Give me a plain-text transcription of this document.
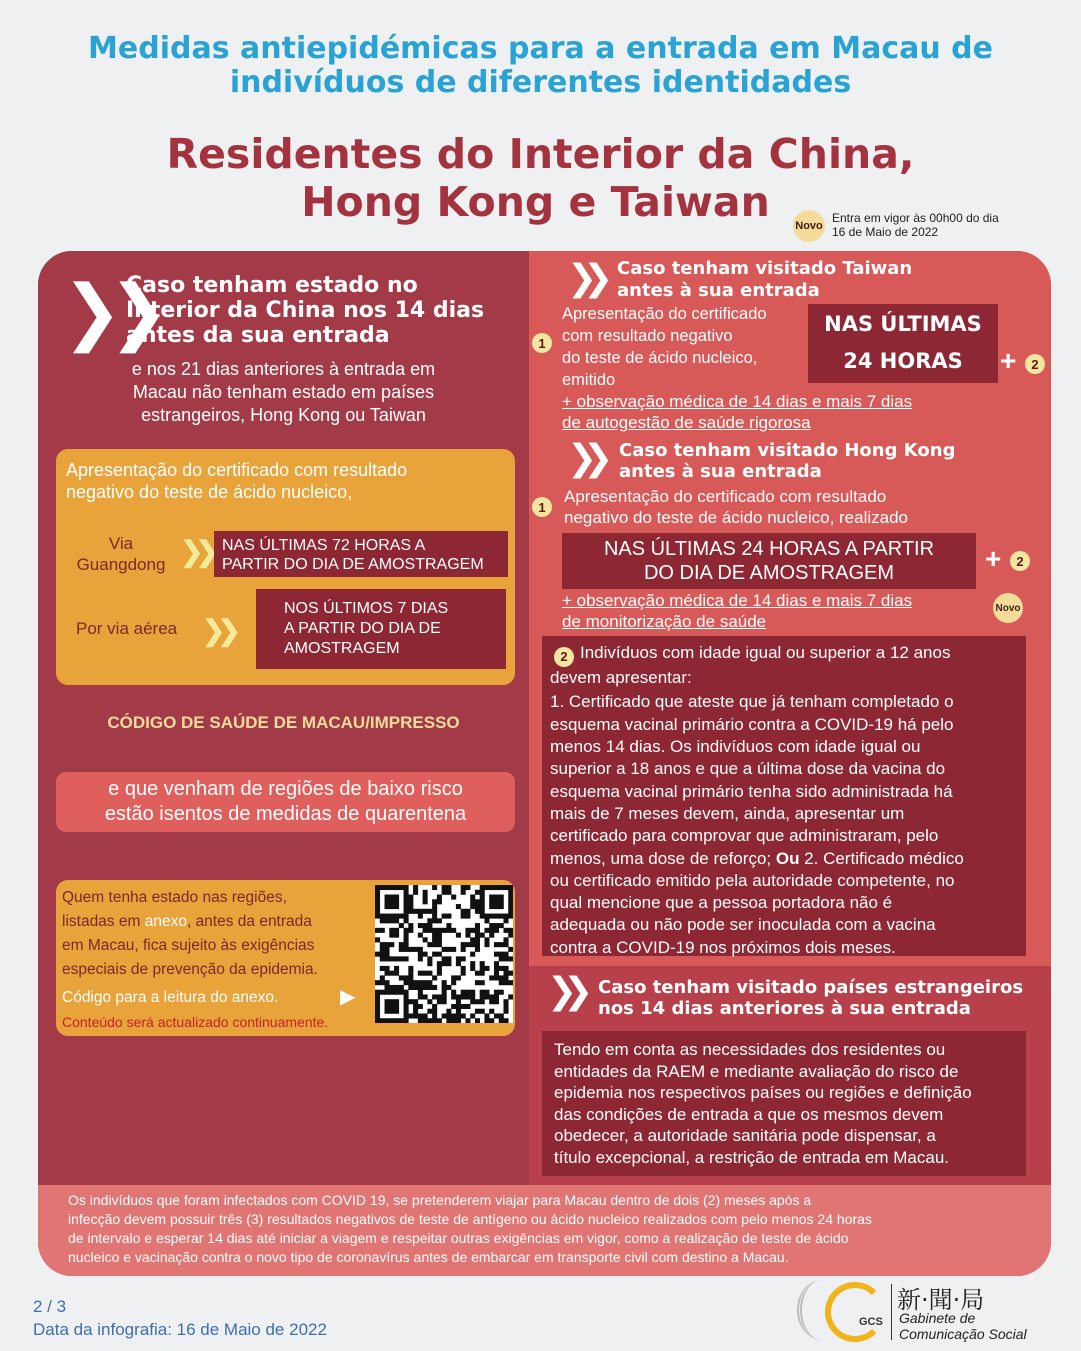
Medidas antiepidémicas para a entrada em Macau de
indivíduos de diferentes identidades
Residentes do Interior da China,
Hong Kong e Taiwan	Novo
Entra em vigor às 00h00 do dia
16 de Maio de 2022
❯❯
Caso tenham estado no
Interior da China nos 14 dias
antes da sua entrada
e nos 21 dias anteriores à entrada em
Macau não tenham estado em países
estrangeiros, Hong Kong ou Taiwan
Apresentação do certificado com resultado
negativo do teste de ácido nucleico,
Via
Guangdong ❯❯ NAS ÚLTIMAS 72 HORAS A
PARTIR DO DIA DE AMOSTRAGEM
Por via aérea ❯❯
NOS ÚLTIMOS 7 DIAS
A PARTIR DO DIA DE
AMOSTRAGEM
CÓDIGO DE SAÚDE DE MACAU/IMPRESSO
e que venham de regiões de baixo risco
estão isentos de medidas de quarentena
Quem tenha estado nas regiões,
listadas em anexo, antes da entrada
em Macau, fica sujeito às exigências
especiais de prevenção da epidemia.
Código para a leitura do anexo.	▶
Conteúdo será actualizado continuamente.
❯❯ Caso tenham visitado Taiwan
antes à sua entrada
1
Apresentação do certificado
com resultado negativo
do teste de ácido nucleico,
emitido
NAS ÚLTIMAS
24 HORAS	+	2
+ observação médica de 14 dias e mais 7 dias
de autogestão de saúde rigorosa
❯❯ Caso tenham visitado Hong Kong
antes à sua entrada
1
Apresentação do certificado com resultado
negativo do teste de ácido nucleico, realizado
NAS ÚLTIMAS 24 HORAS A PARTIR
DO DIA DE AMOSTRAGEM	+	2
+ observação médica de 14 dias e mais 7 dias
de monitorização de saúde
Novo
2 Indivíduos com idade igual ou superior a 12 anos
devem apresentar:
1. Certificado que ateste que já tenham completado o
esquema vacinal primário contra a COVID-19 há pelo
menos 14 dias. Os indivíduos com idade igual ou
superior a 18 anos e que a última dose da vacina do
esquema vacinal primário tenha sido administrada há
mais de 7 meses devem, ainda, apresentar um
certificado para comprovar que administraram, pelo
menos, uma dose de reforço; Ou 2. Certificado médico
ou certificado emitido pela autoridade competente, no
qual mencione que a pessoa portadora não é
adequada ou não pode ser inoculada com a vacina
contra a COVID-19 nos próximos dois meses.
❯❯ Caso tenham visitado países estrangeiros
nos 14 dias anteriores à sua entrada
Tendo em conta as necessidades dos residentes ou
entidades da RAEM e mediante avaliação do risco de
epidemia nos respectivos países ou regiões e definição
das condições de entrada a que os mesmos devem
obedecer, a autoridade sanitária pode dispensar, a
título excepcional, a restrição de entrada em Macau.
Os indivíduos que foram infectados com COVID 19, se pretenderem viajar para Macau dentro de dois (2) meses após a
infecção devem possuir três (3) resultados negativos de teste de antígeno ou ácido nucleico realizados com pelo menos 24 horas
de intervalo e esperar 14 dias até iniciar a viagem e respeitar outras exigências em vigor, como a realização de teste de ácido
nucleico e vacinação contra o novo tipo de coronavírus antes de embarcar em transporte civil com destino a Macau.
2 / 3
Data da infografia: 16 de Maio de 2022	GCS
新·聞·局
Gabinete de
Comunicação Social
